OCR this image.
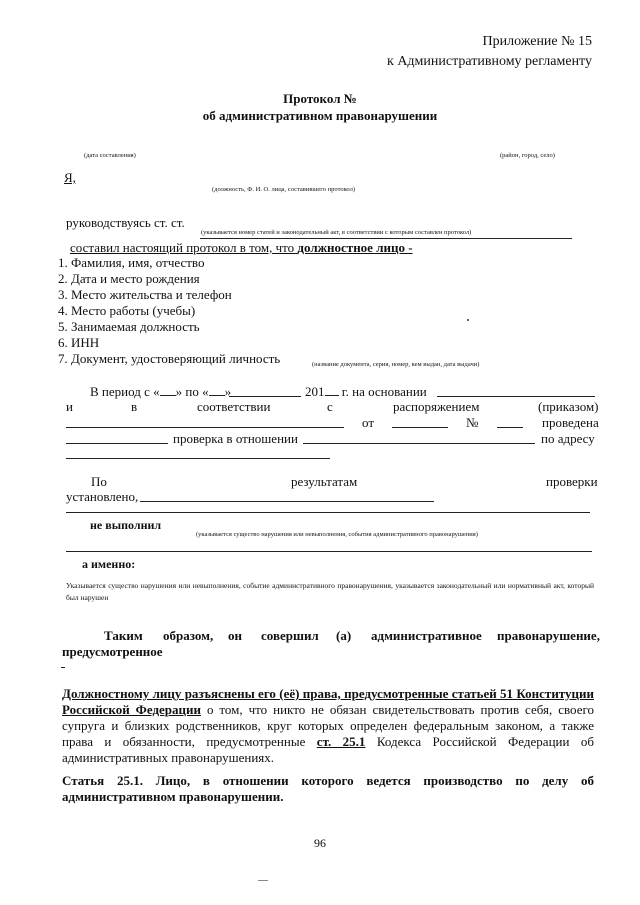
Приложение № 15
к Административному регламенту
Протокол №
об административном правонарушении
(дата составления)	(район, город, село)
Я,
(должность, Ф. И. О. лица, составившего протокол)
руководствуясь ст. ст.
(указывается номер статей и законодательный акт, в соответствии с которым составлен протокол)
составил настоящий протокол в том, что должностное лицо -
1. Фамилия, имя, отчество
2. Дата и место рождения
3. Место жительства и телефон
4. Место работы (учебы)
5. Занимаемая должность
6. ИНН
7. Документ, удостоверяющий личность	(название документа, серия, номер, кем выдан, дата выдачи)
В период с « » по « »	201 г. на основании
и	в	соответствии	с	распоряжением	(приказом)
от	№	проведена
проверка в отношении	по адресу
По	результатам	проверки
установлено,
не выполнил
(указывается существо нарушения или невыполнения, события административного правонарушения)
а именно:
Указывается существо нарушения или невыполнения, событие административного правонарушения, указывается законодательный или нормативный акт, который был нарушен
Таким образом, он совершил (а) административное правонарушение,
предусмотренное
Должностному лицу разъяснены его (её) права, предусмотренные статьей 51 Конституции Российской Федерации о том, что никто не обязан свидетельствовать против себя, своего супруга и близких родственников, круг которых определен федеральным законом, а также права и обязанности, предусмотренные ст. 25.1 Кодекса Российской Федерации об административных правонарушениях.
Статья 25.1. Лицо, в отношении которого ведется производство по делу об административном правонарушении.
96
